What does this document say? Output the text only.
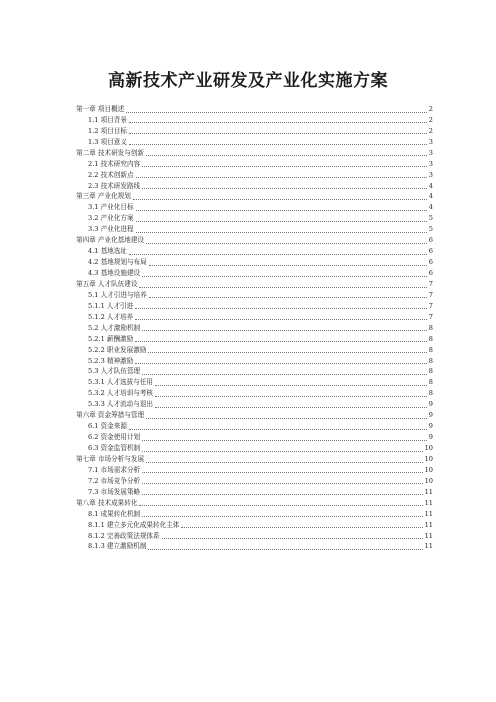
高新技术产业研发及产业化实施方案
第一章 项目概述	2
1.1 项目背景	2
1.2 项目目标	2
1.3 项目意义	3
第二章 技术研发与创新	3
2.1 技术研究内容	3
2.2 技术创新点	3
2.3 技术研发路线	4
第三章 产业化规划	4
3.1 产业化目标	4
3.2 产业化方案	5
3.3 产业化进程	5
第四章 产业化基地建设	6
4.1 基地选址	6
4.2 基地规划与布局	6
4.3 基地设施建设	6
第五章 人才队伍建设	7
5.1 人才引进与培养	7
5.1.1 人才引进	7
5.1.2 人才培养	7
5.2 人才激励机制	8
5.2.1 薪酬激励	8
5.2.2 职业发展激励	8
5.2.3 精神激励	8
5.3 人才队伍管理	8
5.3.1 人才选拔与任用	8
5.3.2 人才培训与考核	8
5.3.3 人才流动与退出	9
第六章 资金筹措与管理	9
6.1 资金来源	9
6.2 资金使用计划	9
6.3 资金监管机制	10
第七章 市场分析与发展	10
7.1 市场需求分析	10
7.2 市场竞争分析	10
7.3 市场发展策略	11
第八章 技术成果转化	11
8.1 成果转化机制	11
8.1.1 建立多元化成果转化主体	11
8.1.2 完善政策法规体系	11
8.1.3 建立激励机制	11
